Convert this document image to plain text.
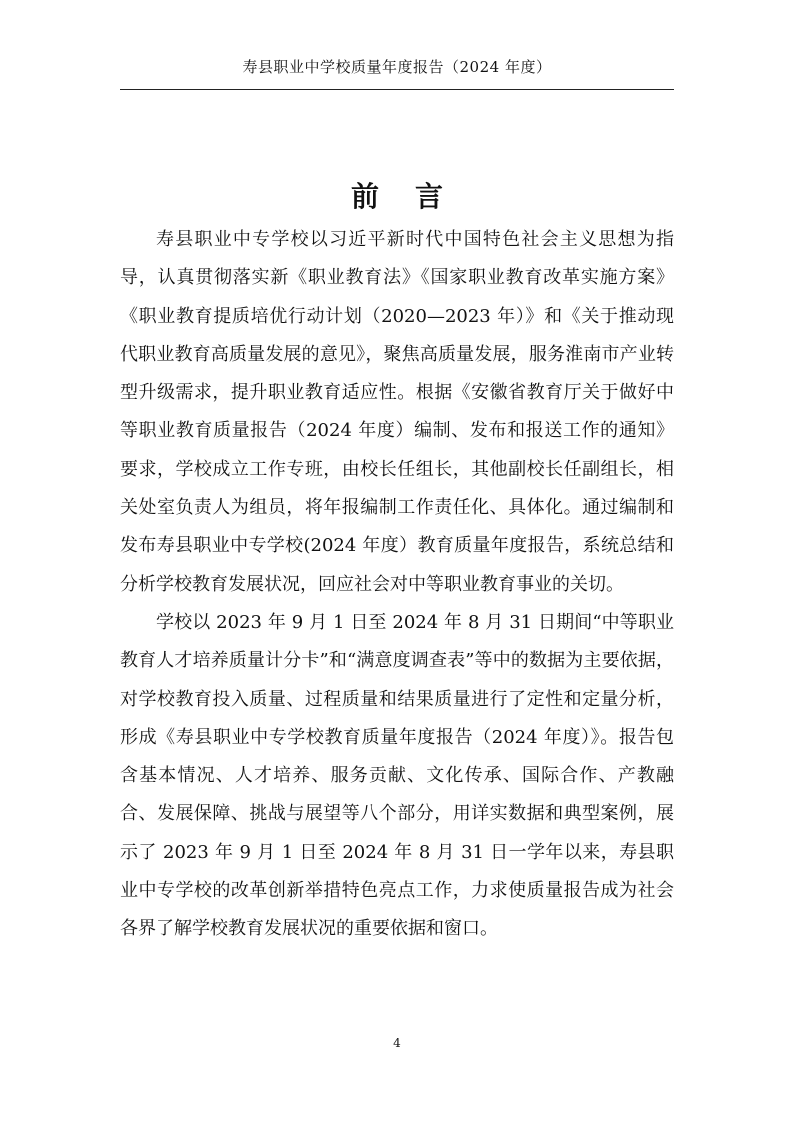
寿县职业中学校质量年度报告（2024 年度）
前言

寿县职业中专学校以习近平新时代中国特色社会主义思想为指导，认真贯彻落实新《职业教育法》《国家职业教育改革实施方案》《职业教育提质培优行动计划（2020—2023 年）》和《关于推动现代职业教育高质量发展的意见》，聚焦高质量发展，服务淮南市产业转型升级需求，提升职业教育适应性。根据《安徽省教育厅关于做好中等职业教育质量报告（2024 年度）编制、发布和报送工作的通知》要求，学校成立工作专班，由校长任组长，其他副校长任副组长，相关处室负责人为组员，将年报编制工作责任化、具体化。通过编制和发布寿县职业中专学校(2024 年度）教育质量年度报告，系统总结和分析学校教育发展状况，回应社会对中等职业教育事业的关切。

学校以 2023 年 9 月 1 日至 2024 年 8 月 31 日期间“中等职业教育人才培养质量计分卡”和“满意度调查表”等中的数据为主要依据，对学校教育投入质量、过程质量和结果质量进行了定性和定量分析，形成《寿县职业中专学校教育质量年度报告（2024 年度）》。报告包含基本情况、人才培养、服务贡献、文化传承、国际合作、产教融合、发展保障、挑战与展望等八个部分，用详实数据和典型案例，展示了 2023 年 9 月 1 日至 2024 年 8 月 31 日一学年以来，寿县职业中专学校的改革创新举措特色亮点工作，力求使质量报告成为社会各界了解学校教育发展状况的重要依据和窗口。

4
